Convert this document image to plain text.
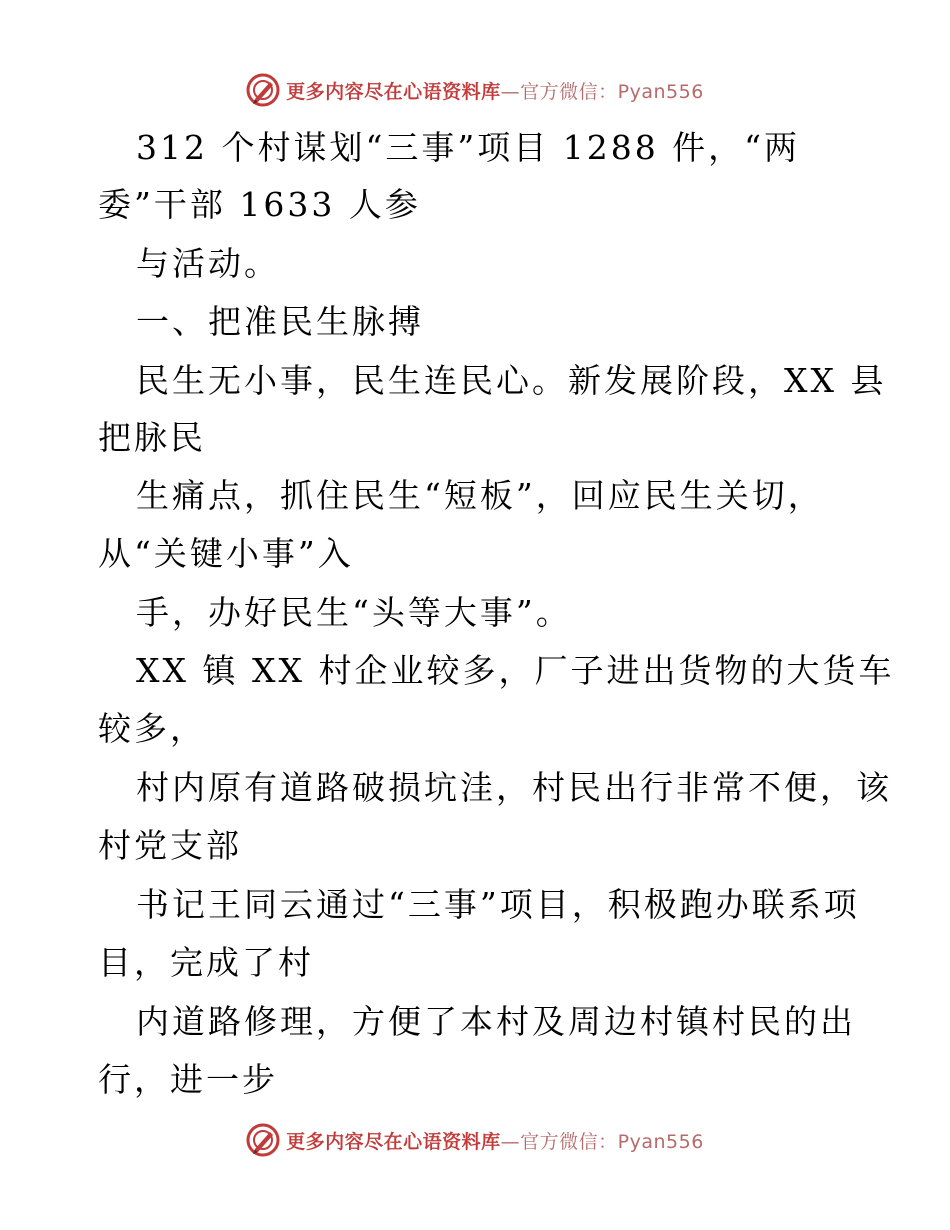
更多内容尽在心语资料库—官方微信：Pyan556
312 个村谋划“三事”项目 1288 件，“两
委”干部 1633 人参
与活动。
一、把准民生脉搏
民生无小事，民生连民心。新发展阶段，XX 县
把脉民
生痛点，抓住民生“短板”，回应民生关切，
从“关键小事”入
手，办好民生“头等大事”。
XX 镇 XX 村企业较多，厂子进出货物的大货车
较多，
村内原有道路破损坑洼，村民出行非常不便，该
村党支部
书记王同云通过“三事”项目，积极跑办联系项
目，完成了村
内道路修理，方便了本村及周边村镇村民的出
行，进一步
更多内容尽在心语资料库—官方微信：Pyan556
